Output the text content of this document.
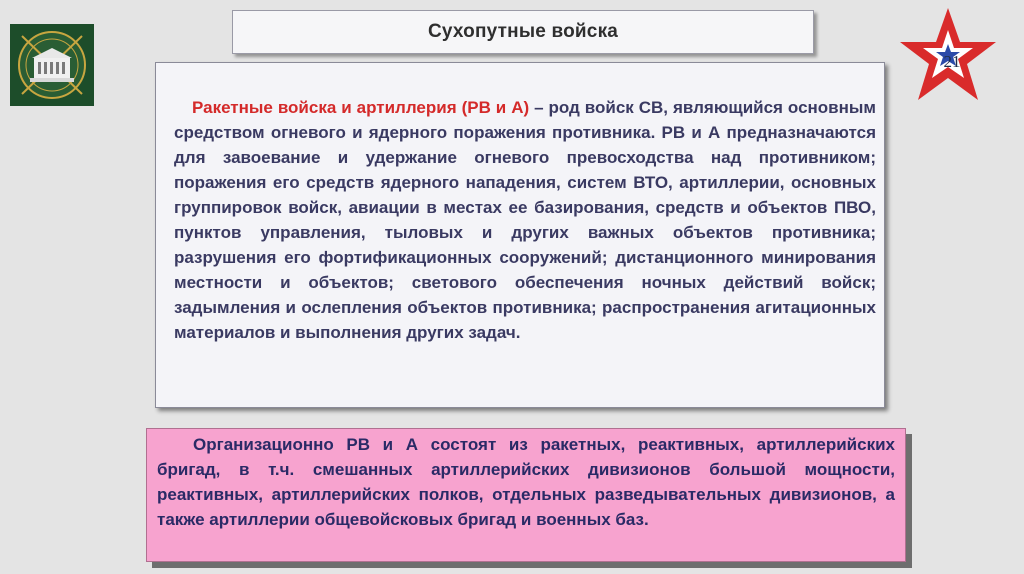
Сухопутные войска
21

Ракетные войска и артиллерия (РВ и А) – род войск СВ, являющийся основным средством огневого и ядерного поражения противника. РВ и А предназначаются для завоевание и удержание огневого превосходства над противником; поражения его средств ядерного нападения, систем ВТО, артиллерии, основных группировок войск, авиации в местах ее базирования, средств и объектов ПВО, пунктов управления, тыловых и других важных объектов противника; разрушения его фортификационных сооружений; дистанционного минирования местности и объектов; светового обеспечения ночных действий войск; задымления и ослепления объектов противника; распространения агитационных материалов и выполнения других задач.

Организационно РВ и А состоят из ракетных, реактивных, артиллерийских бригад, в т.ч. смешанных артиллерийских дивизионов большой мощности, реактивных, артиллерийских полков, отдельных разведывательных дивизионов, а также артиллерии общевойсковых бригад и военных баз.
